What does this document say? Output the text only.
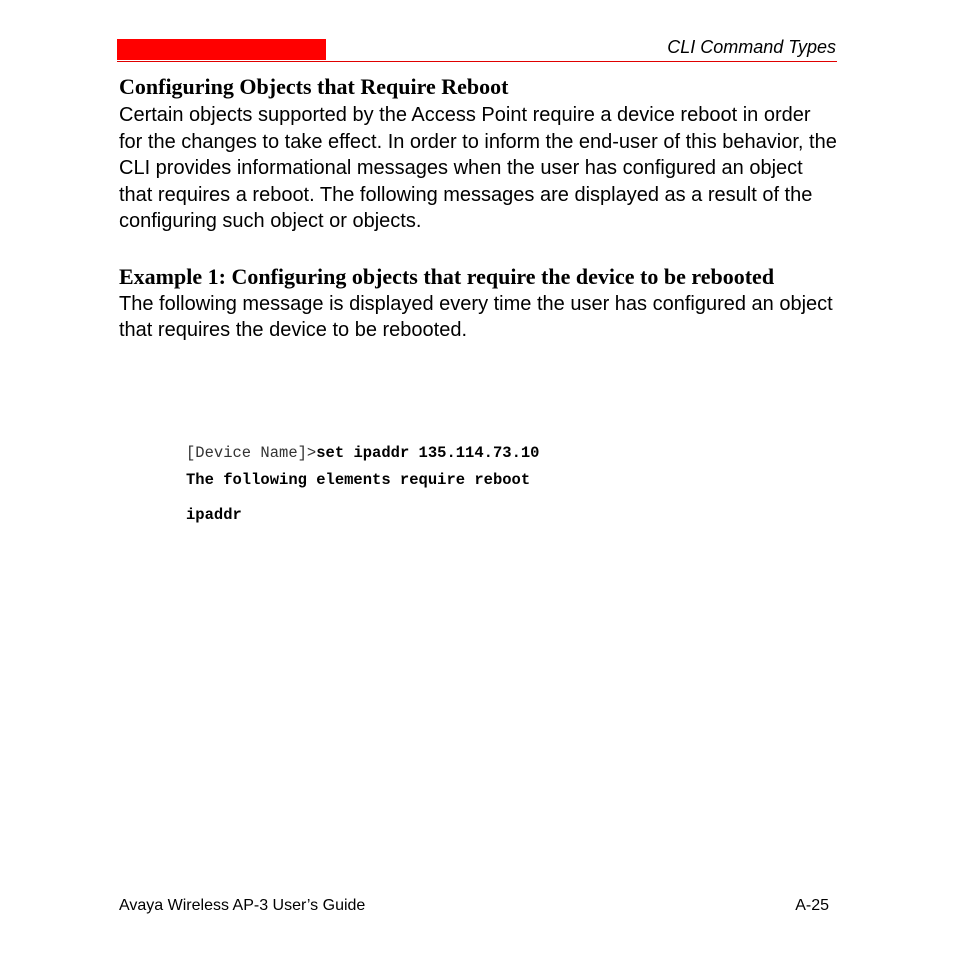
CLI Command Types
Configuring Objects that Require Reboot

Certain objects supported by the Access Point require a device reboot in order for the changes to take effect. In order to inform the end-user of this behavior, the CLI provides informational messages when the user has configured an object that requires a reboot. The following messages are displayed as a result of the configuring such object or objects.

Example 1: Configuring objects that require the device to be rebooted

The following message is displayed every time the user has configured an object that requires the device to be rebooted.

[Device Name]>set ipaddr 135.114.73.10
The following elements require reboot
ipaddr
Avaya Wireless AP-3 User’s Guide	A-25
